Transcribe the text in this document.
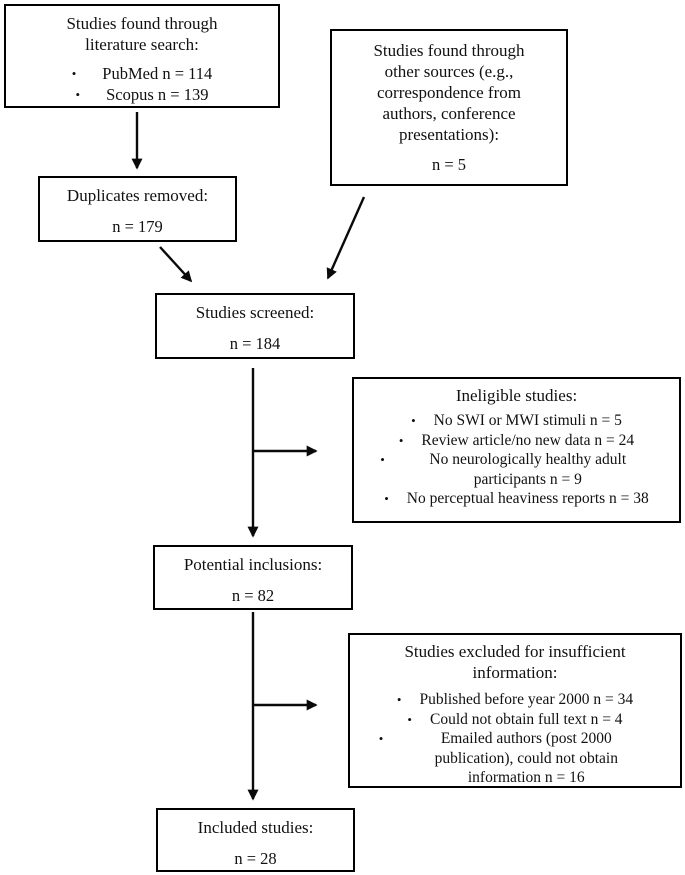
Studies found through literature search:
• PubMed n = 114
• Scopus n = 139
Studies found through other sources (e.g., correspondence from authors, conference presentations):
n = 5
Duplicates removed:
n = 179
Studies screened:
n = 184
Ineligible studies:
• No SWI or MWI stimuli n = 5
• Review article/no new data n = 24
•	No neurologically healthy adult participants n = 9
• No perceptual heaviness reports n = 38
Potential inclusions:
n = 82
Studies excluded for insufficient information:
• Published before year 2000 n = 34
• Could not obtain full text n = 4
•	Emailed authors (post 2000 publication), could not obtain information n = 16
Included studies:
n = 28
